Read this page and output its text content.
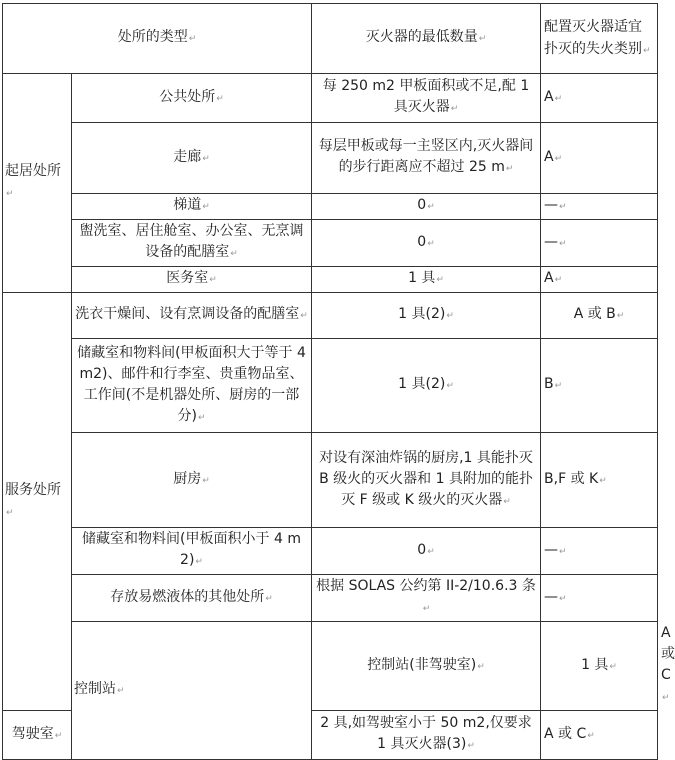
处所的类型↵		灭火器的最低数量↵	配置灭火器适宜扑灭的失火类别↵	
起居处所↵	公共处所↵	每 250 m2 甲板面积或不足,配 1 具灭火器↵	A↵	
	走廊↵	每层甲板或每一主竖区内,灭火器间的步行距离应不超过 25 m↵	A↵	
	梯道↵	0↵	—↵	
	盥洗室、居住舱室、办公室、无烹调设备的配膳室↵	0↵	—↵	
	医务室↵	1 具↵	A↵	
服务处所↵	洗衣干燥间、设有烹调设备的配膳室↵	1 具(2)↵	A 或 B↵	
	储藏室和物料间(甲板面积大于等于 4m2)、邮件和行李室、贵重物品室、工作间(不是机器处所、厨房的一部分)↵	1 具(2)↵	B↵	
	厨房↵	对设有深油炸锅的厨房,1 具能扑灭 B 级火的灭火器和 1 具附加的能扑灭 F 级或 K 级火的灭火器↵	B,F 或 K↵	
	储藏室和物料间(甲板面积小于 4 m2)↵	0↵	—↵	
	存放易燃液体的其他处所↵	根据 SOLAS 公约第 II-2/10.6.3 条↵	—↵	
	控制站↵	控制站(非驾驶室)↵	1 具↵	A 或 C↵
驾驶室↵		2 具,如驾驶室小于 50 m2,仅要求 1 具灭火器(3)↵	A 或 C↵	
